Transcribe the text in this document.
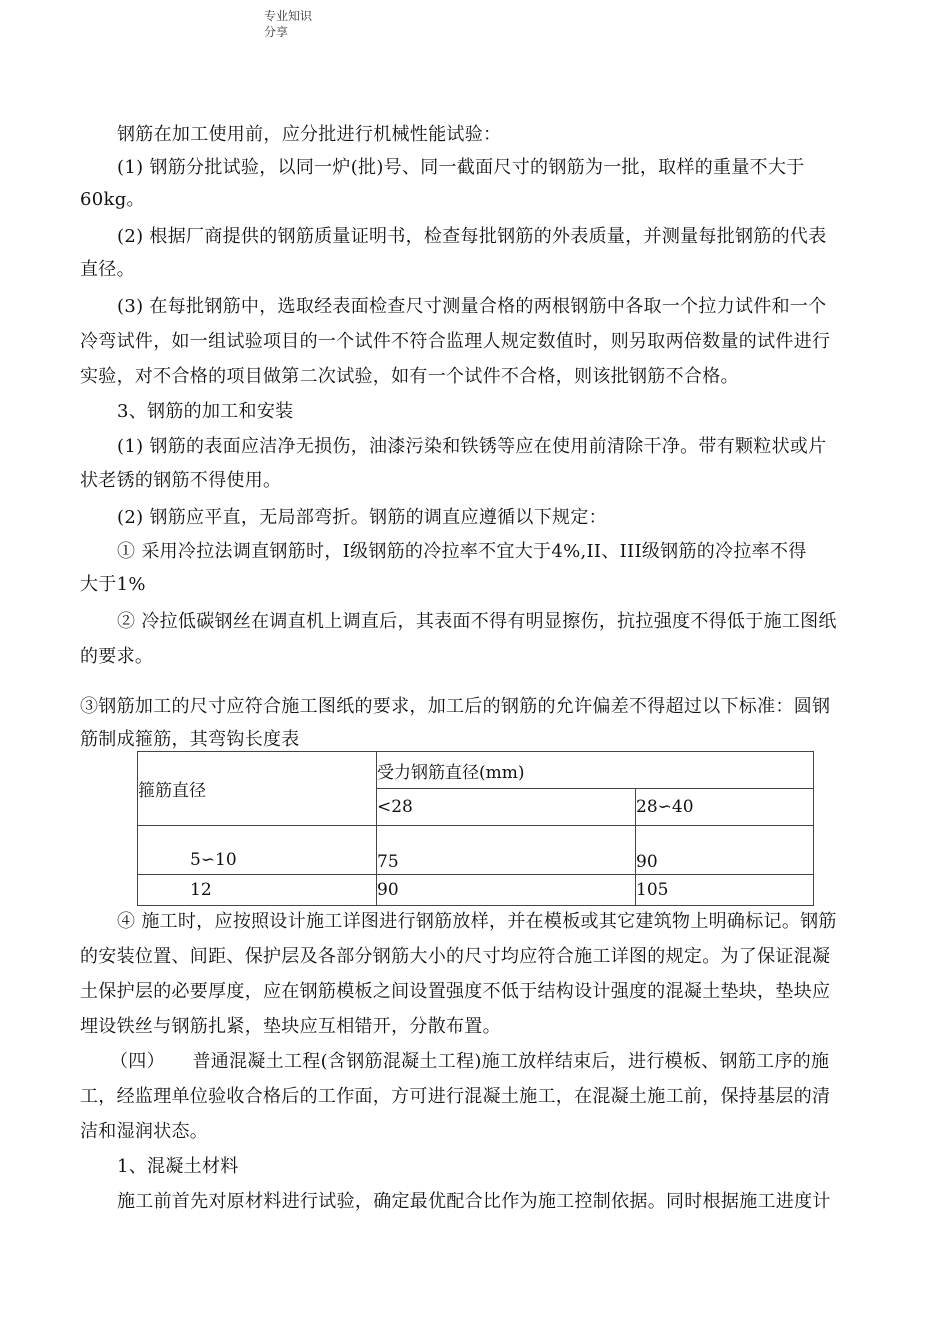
专业知识分享
钢筋在加工使用前，应分批进行机械性能试验：
(1) 钢筋分批试验，以同一炉(批)号、同一截面尺寸的钢筋为一批，取样的重量不大于
60kg。
(2) 根据厂商提供的钢筋质量证明书，检查每批钢筋的外表质量，并测量每批钢筋的代表
直径。
(3) 在每批钢筋中，选取经表面检查尺寸测量合格的两根钢筋中各取一个拉力试件和一个
冷弯试件，如一组试验项目的一个试件不符合监理人规定数值时，则另取两倍数量的试件进行
实验，对不合格的项目做第二次试验，如有一个试件不合格，则该批钢筋不合格。
3、钢筋的加工和安装
(1) 钢筋的表面应洁净无损伤，油漆污染和铁锈等应在使用前清除干净。带有颗粒状或片
状老锈的钢筋不得使用。
(2) 钢筋应平直，无局部弯折。钢筋的调直应遵循以下规定：
① 采用冷拉法调直钢筋时，I级钢筋的冷拉率不宜大于4%,II、III级钢筋的冷拉率不得
大于1%
② 冷拉低碳钢丝在调直机上调直后，其表面不得有明显擦伤，抗拉强度不得低于施工图纸
的要求。
③钢筋加工的尺寸应符合施工图纸的要求，加工后的钢筋的允许偏差不得超过以下标准：圆钢
筋制成箍筋，其弯钩长度表
箍筋直径	受力钢筋直径(mm)	
	<28	28∽40
5∽10	75	90
12	90	105
④ 施工时，应按照设计施工详图进行钢筋放样，并在模板或其它建筑物上明确标记。钢筋
的安装位置、间距、保护层及各部分钢筋大小的尺寸均应符合施工详图的规定。为了保证混凝
土保护层的必要厚度，应在钢筋模板之间设置强度不低于结构设计强度的混凝土垫块，垫块应
埋设铁丝与钢筋扎紧，垫块应互相错开，分散布置。
（四）　　普通混凝土工程(含钢筋混凝土工程)施工放样结束后，进行模板、钢筋工序的施
工，经监理单位验收合格后的工作面，方可进行混凝土施工，在混凝土施工前，保持基层的清
洁和湿润状态。
1、混凝土材料
施工前首先对原材料进行试验，确定最优配合比作为施工控制依据。同时根据施工进度计
